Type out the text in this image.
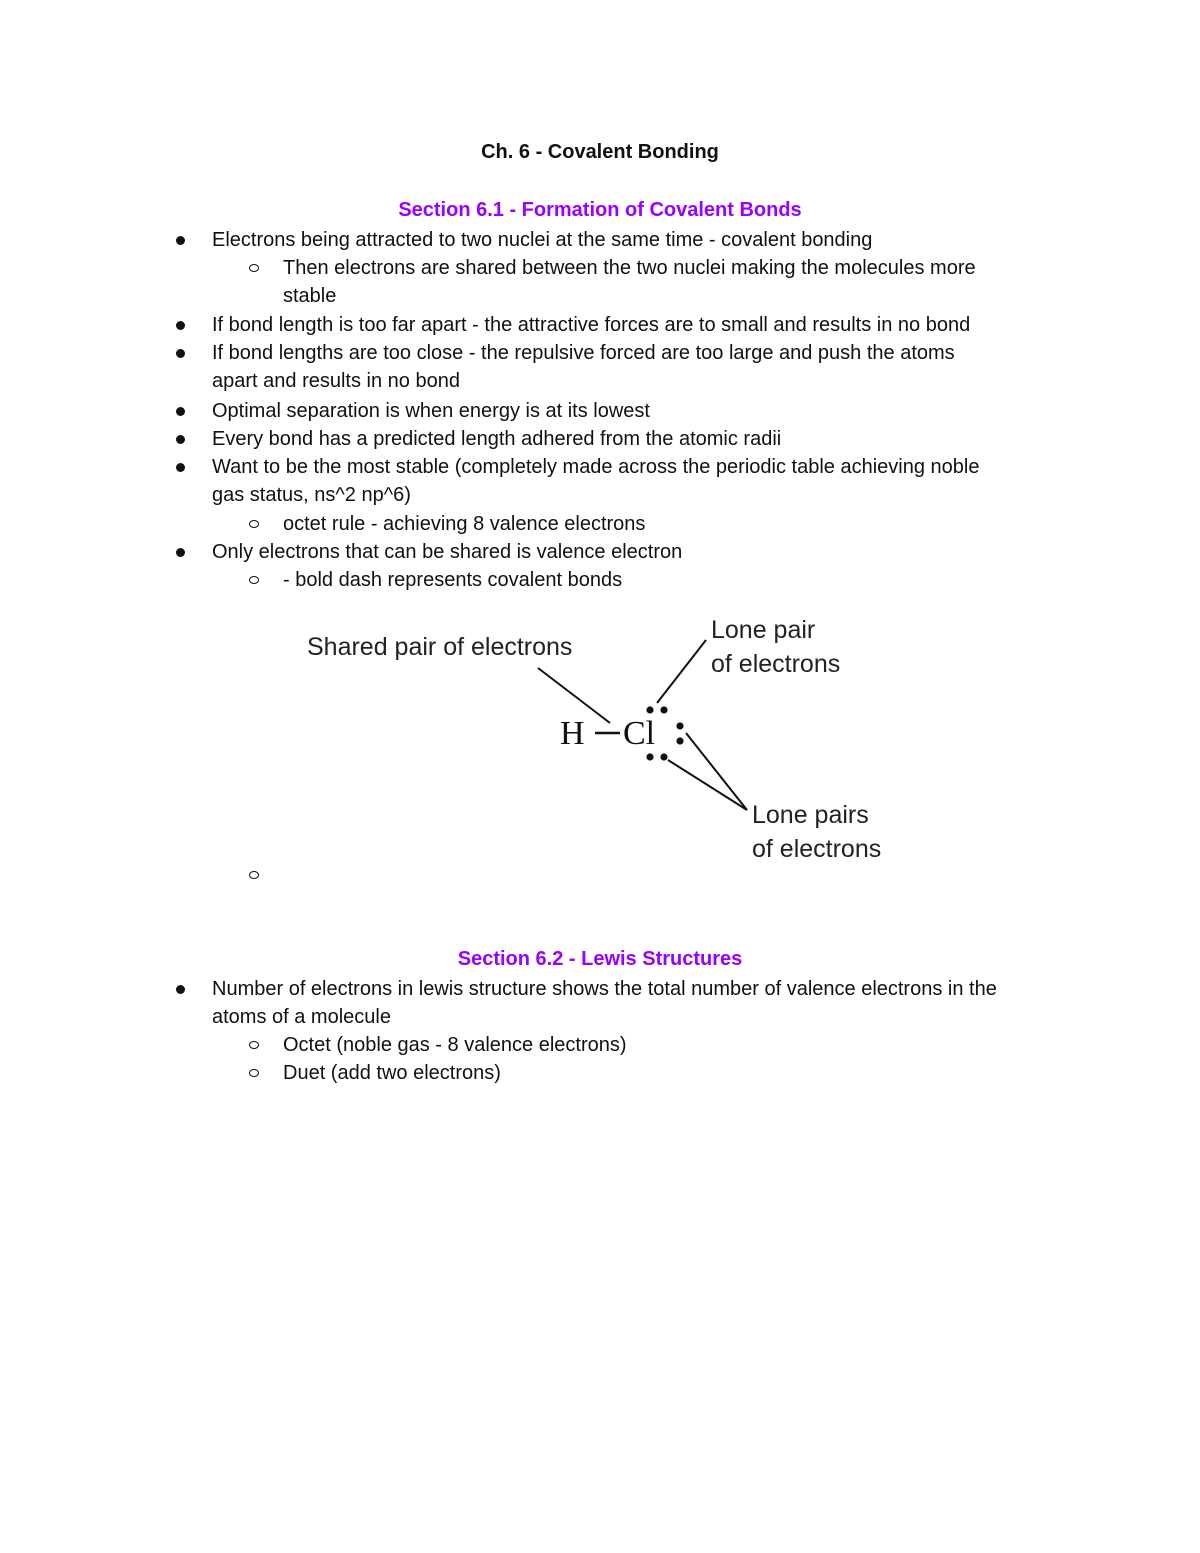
Ch. 6 - Covalent Bonding
Section 6.1 - Formation of Covalent Bonds
Electrons being attracted to two nuclei at the same time - covalent bonding
Then electrons are shared between the two nuclei making the molecules more
stable
If bond length is too far apart - the attractive forces are to small and results in no bond
If bond lengths are too close - the repulsive forced are too large and push the atoms
apart and results in no bond
Optimal separation is when energy is at its lowest
Every bond has a predicted length adhered from the atomic radii
Want to be the most stable (completely made across the periodic table achieving noble
gas status, ns^2 np^6)
octet rule - achieving 8 valence electrons
Only electrons that can be shared is valence electron
- bold dash represents covalent bonds
Shared pair of electrons
Lone pair
of electrons
Lone pairs
of electrons
H Cl
Section 6.2 - Lewis Structures
Number of electrons in lewis structure shows the total number of valence electrons in the
atoms of a molecule
Octet (noble gas - 8 valence electrons)
Duet (add two electrons)
